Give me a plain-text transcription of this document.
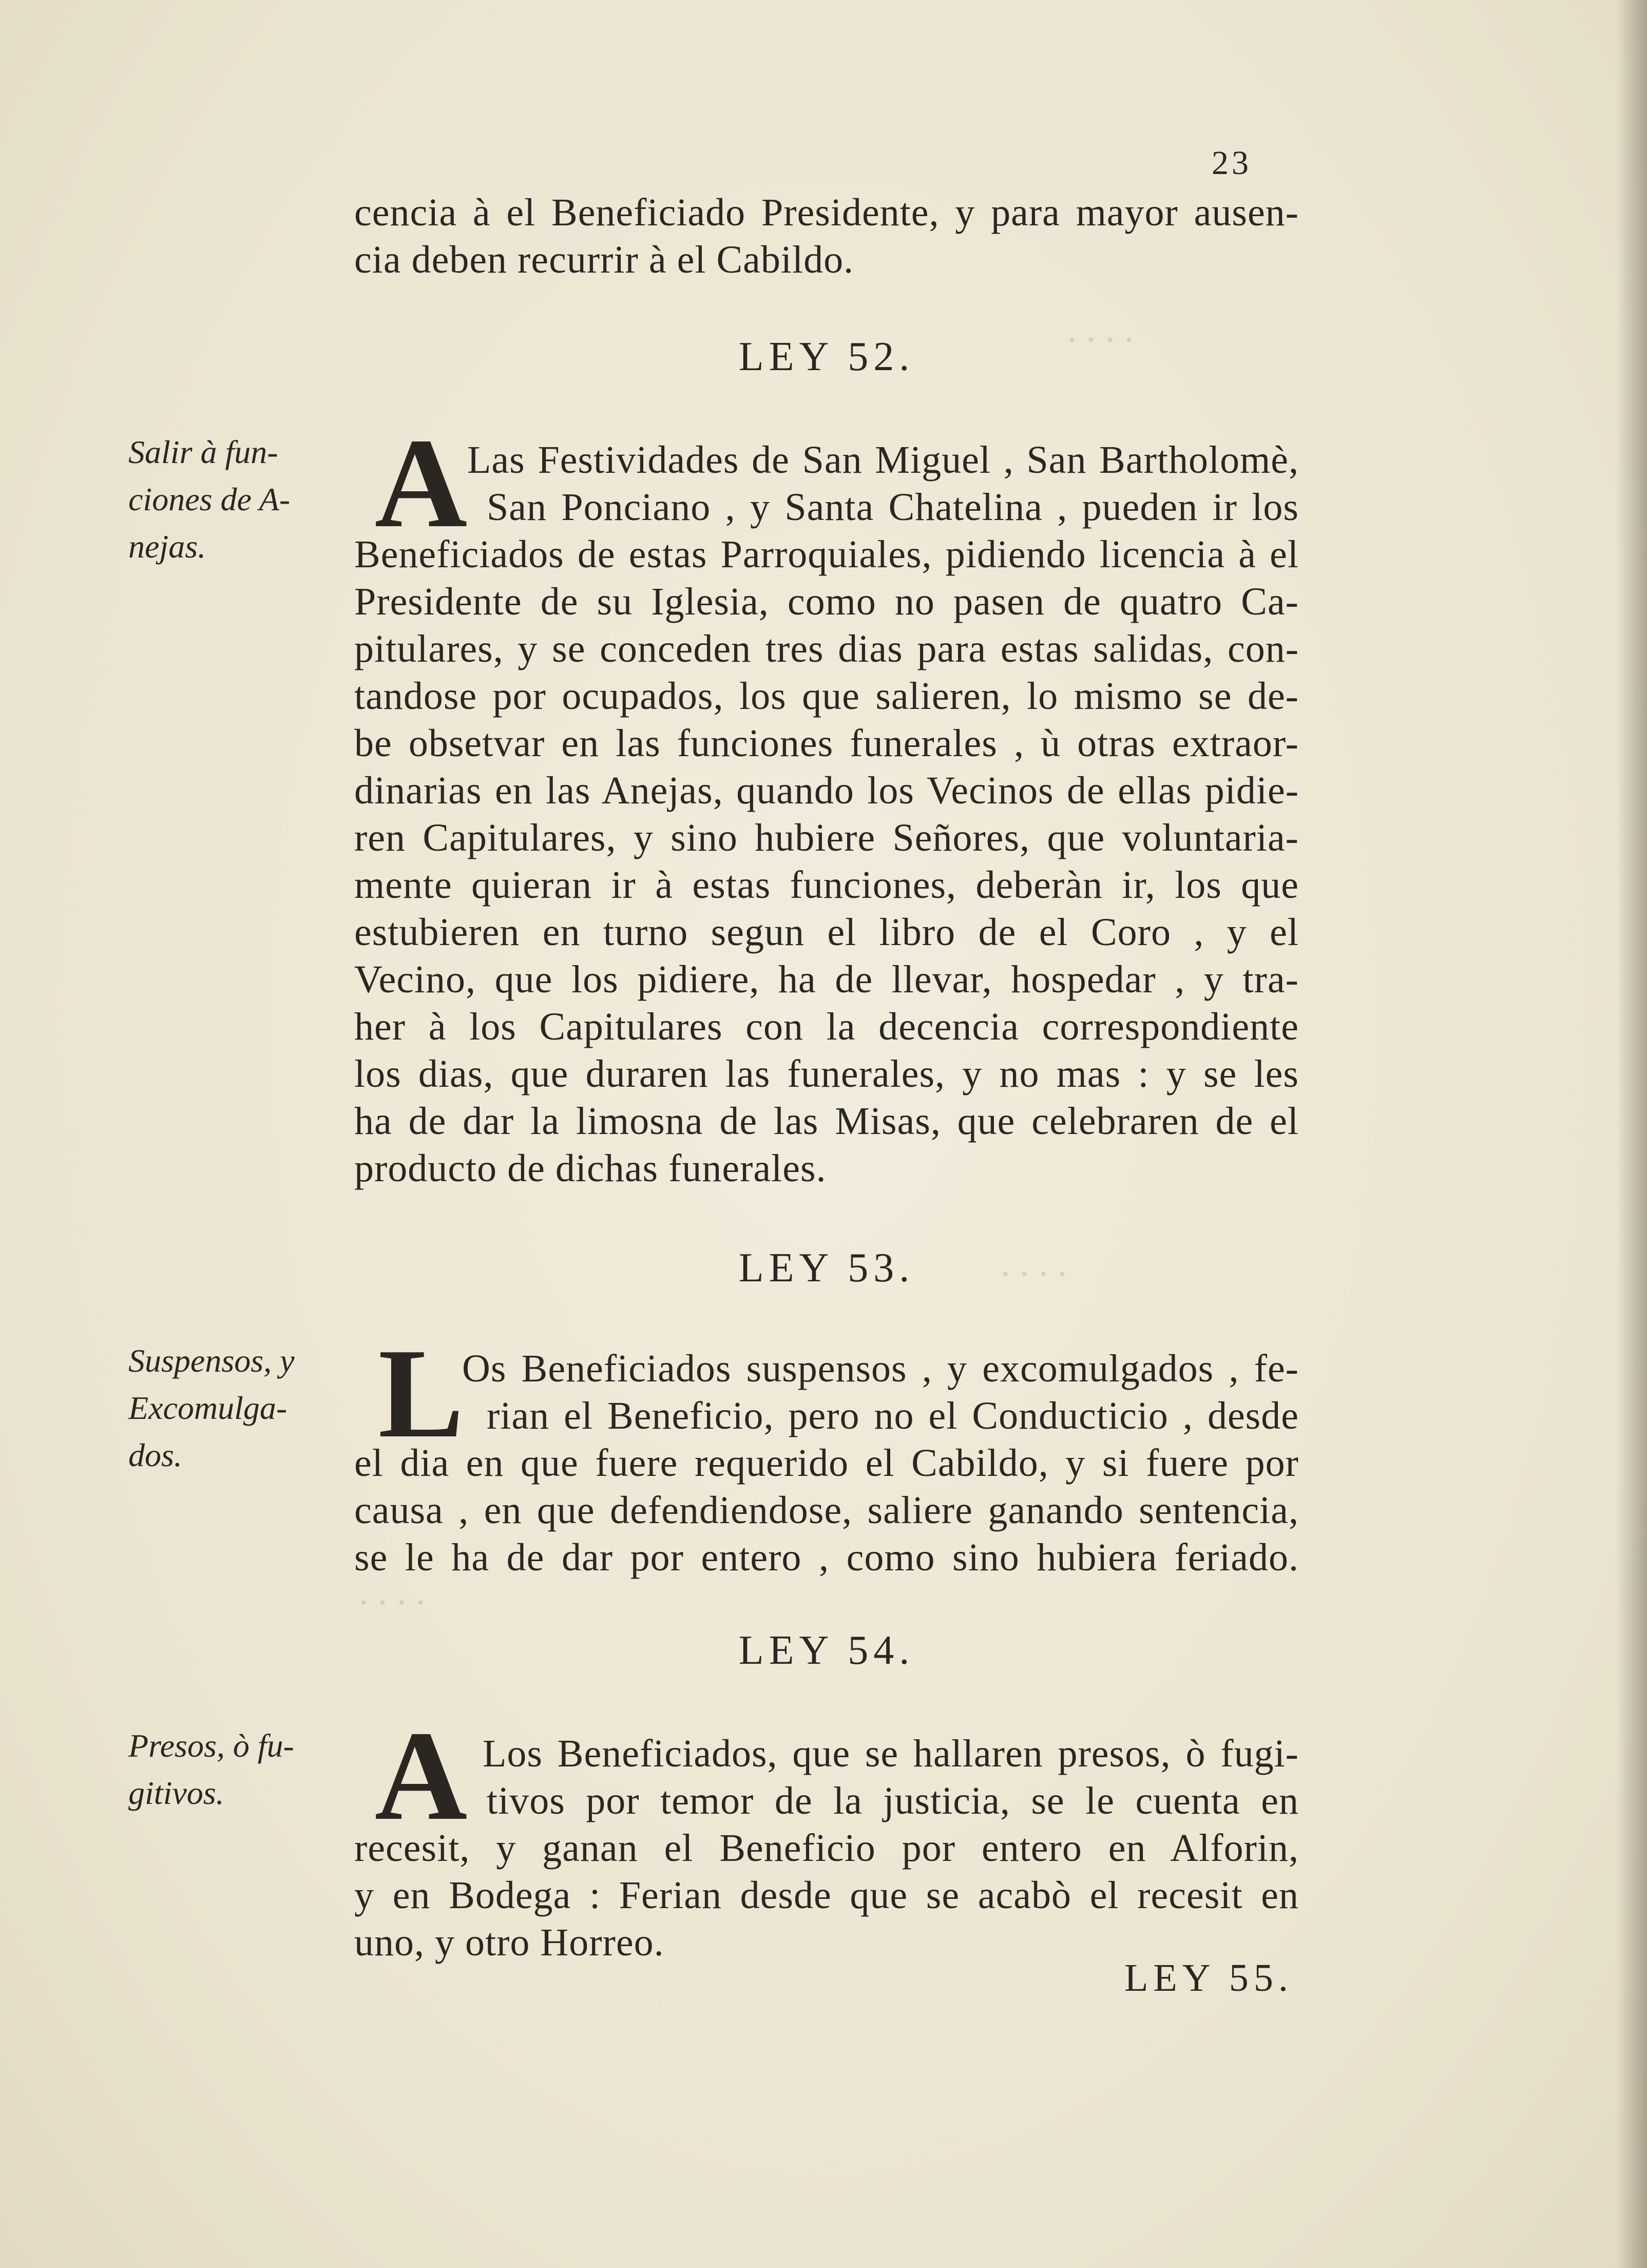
· · · ·
· · · ·
· · · ·
23
cencia à el Beneficiado Presidente, y para mayor ausen-
cia deben recurrir à el Cabildo.
LEY 52.
Salir à fun-
ciones de A-
nejas.	A Las Festividades de San Miguel , San Bartholomè,
San Ponciano , y Santa Chatelina , pueden ir los
Beneficiados de estas Parroquiales, pidiendo licencia à el
Presidente de su Iglesia, como no pasen de quatro Ca-
pitulares, y se conceden tres dias para estas salidas, con-
tandose por ocupados, los que salieren, lo mismo se de-
be obsetvar en las funciones funerales , ù otras extraor-
dinarias en las Anejas, quando los Vecinos de ellas pidie-
ren Capitulares, y sino hubiere Señores, que voluntaria-
mente quieran ir à estas funciones, deberàn ir, los que
estubieren en turno segun el libro de el Coro , y el
Vecino, que los pidiere, ha de llevar, hospedar , y tra-
her à los Capitulares con la decencia correspondiente
los dias, que duraren las funerales, y no mas : y se les
ha de dar la limosna de las Misas, que celebraren de el
producto de dichas funerales.
LEY 53.
Suspensos, y
Excomulga-
dos.	L
Os Beneficiados suspensos , y excomulgados , fe-
rian el Beneficio, pero no el Conducticio , desde
el dia en que fuere requerido el Cabildo, y si fuere por
causa , en que defendiendose, saliere ganando sentencia,
se le ha de dar por entero , como sino hubiera feriado.
LEY 54.
Presos, ò fu-
gitivos.	A Los Beneficiados, que se hallaren presos, ò fugi-
tivos por temor de la justicia, se le cuenta en
recesit, y ganan el Beneficio por entero en Alforin,
y en Bodega : Ferian desde que se acabò el recesit en
uno, y otro Horreo.
LEY 55.
